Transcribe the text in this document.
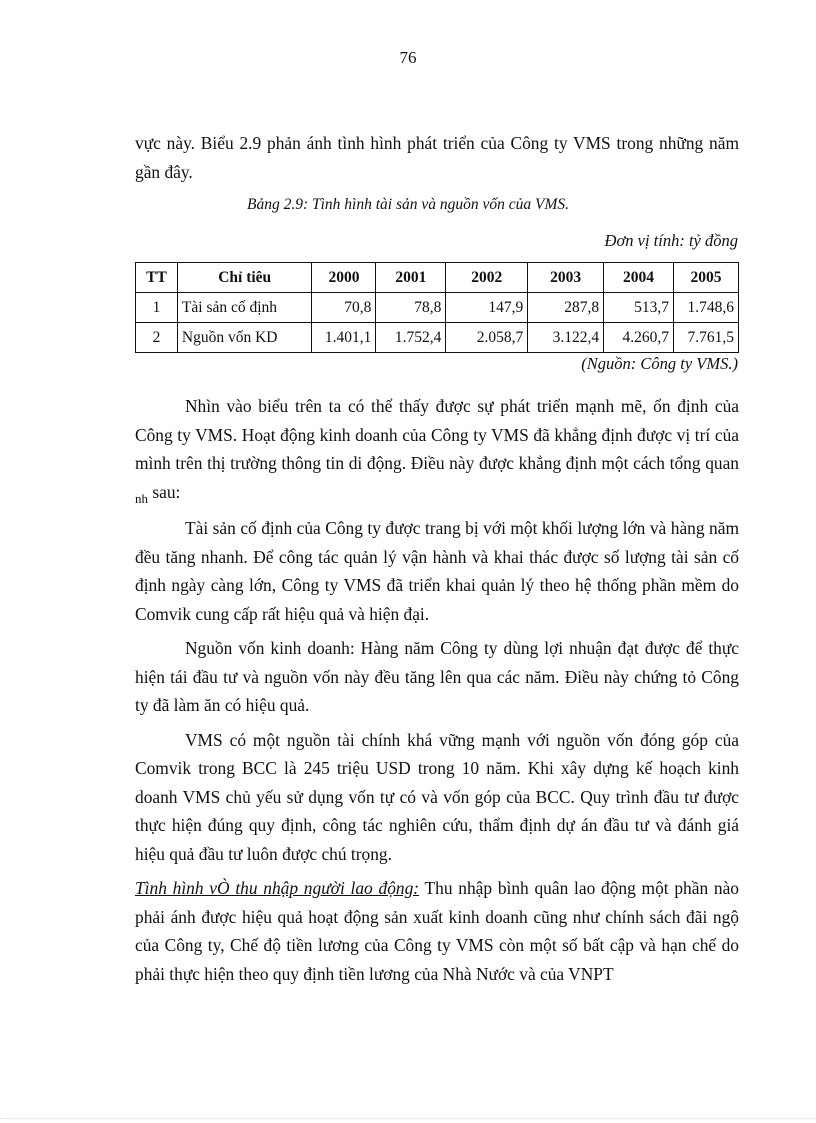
76

vực này. Biểu 2.9 phản ánh tình hình phát triển của Công ty VMS trong những năm gần đây.

Bảng 2.9: Tình hình tài sản và nguồn vốn của VMS.
Đơn vị tính: tỷ đồng
TT	Chỉ tiêu	2000	2001	2002	2003	2004	2005
1	Tài sản cố định	70,8	78,8	147,9	287,8	513,7	1.748,6
2	Nguồn vốn KD	1.401,1	1.752,4	2.058,7	3.122,4	4.260,7	7.761,5
(Nguồn: Công ty VMS.)

Nhìn vào biểu trên ta có thể thấy được sự phát triển mạnh mẽ, ổn định của Công ty VMS. Hoạt động kinh doanh của Công ty VMS đã khẳng định được vị trí của mình trên thị trường thông tin di động. Điều này được khẳng định một cách tổng quan $_{nh}$ sau:

Tài sản cố định của Công ty được trang bị với một khối lượng lớn và hàng năm đều tăng nhanh. Để công tác quản lý vận hành và khai thác được số lượng tài sản cố định ngày càng lớn, Công ty VMS đã triển khai quản lý theo hệ thống phần mềm do Comvik cung cấp rất hiệu quả và hiện đại.

Nguồn vốn kinh doanh: Hàng năm Công ty dùng lợi nhuận đạt được để thực hiện tái đầu tư và nguồn vốn này đều tăng lên qua các năm. Điều này chứng tỏ Công ty đã làm ăn có hiệu quả.

VMS có một nguồn tài chính khá vững mạnh với nguồn vốn đóng góp của Comvik trong BCC là 245 triệu USD trong 10 năm. Khi xây dựng kế hoạch kinh doanh VMS chủ yếu sử dụng vốn tự có và vốn góp của BCC. Quy trình đầu tư được thực hiện đúng quy định, công tác nghiên cứu, thẩm định dự án đầu tư và đánh giá hiệu quả đầu tư luôn được chú trọng.

Tình hình vÒ thu nhập người lao động: Thu nhập bình quân lao động một phần nào phải ánh được hiệu quả hoạt động sản xuất kinh doanh cũng như chính sách đãi ngộ của Công ty, Chế độ tiền lương của Công ty VMS còn một số bất cập và hạn chế do phải thực hiện theo quy định tiền lương của Nhà Nước và của VNPT
